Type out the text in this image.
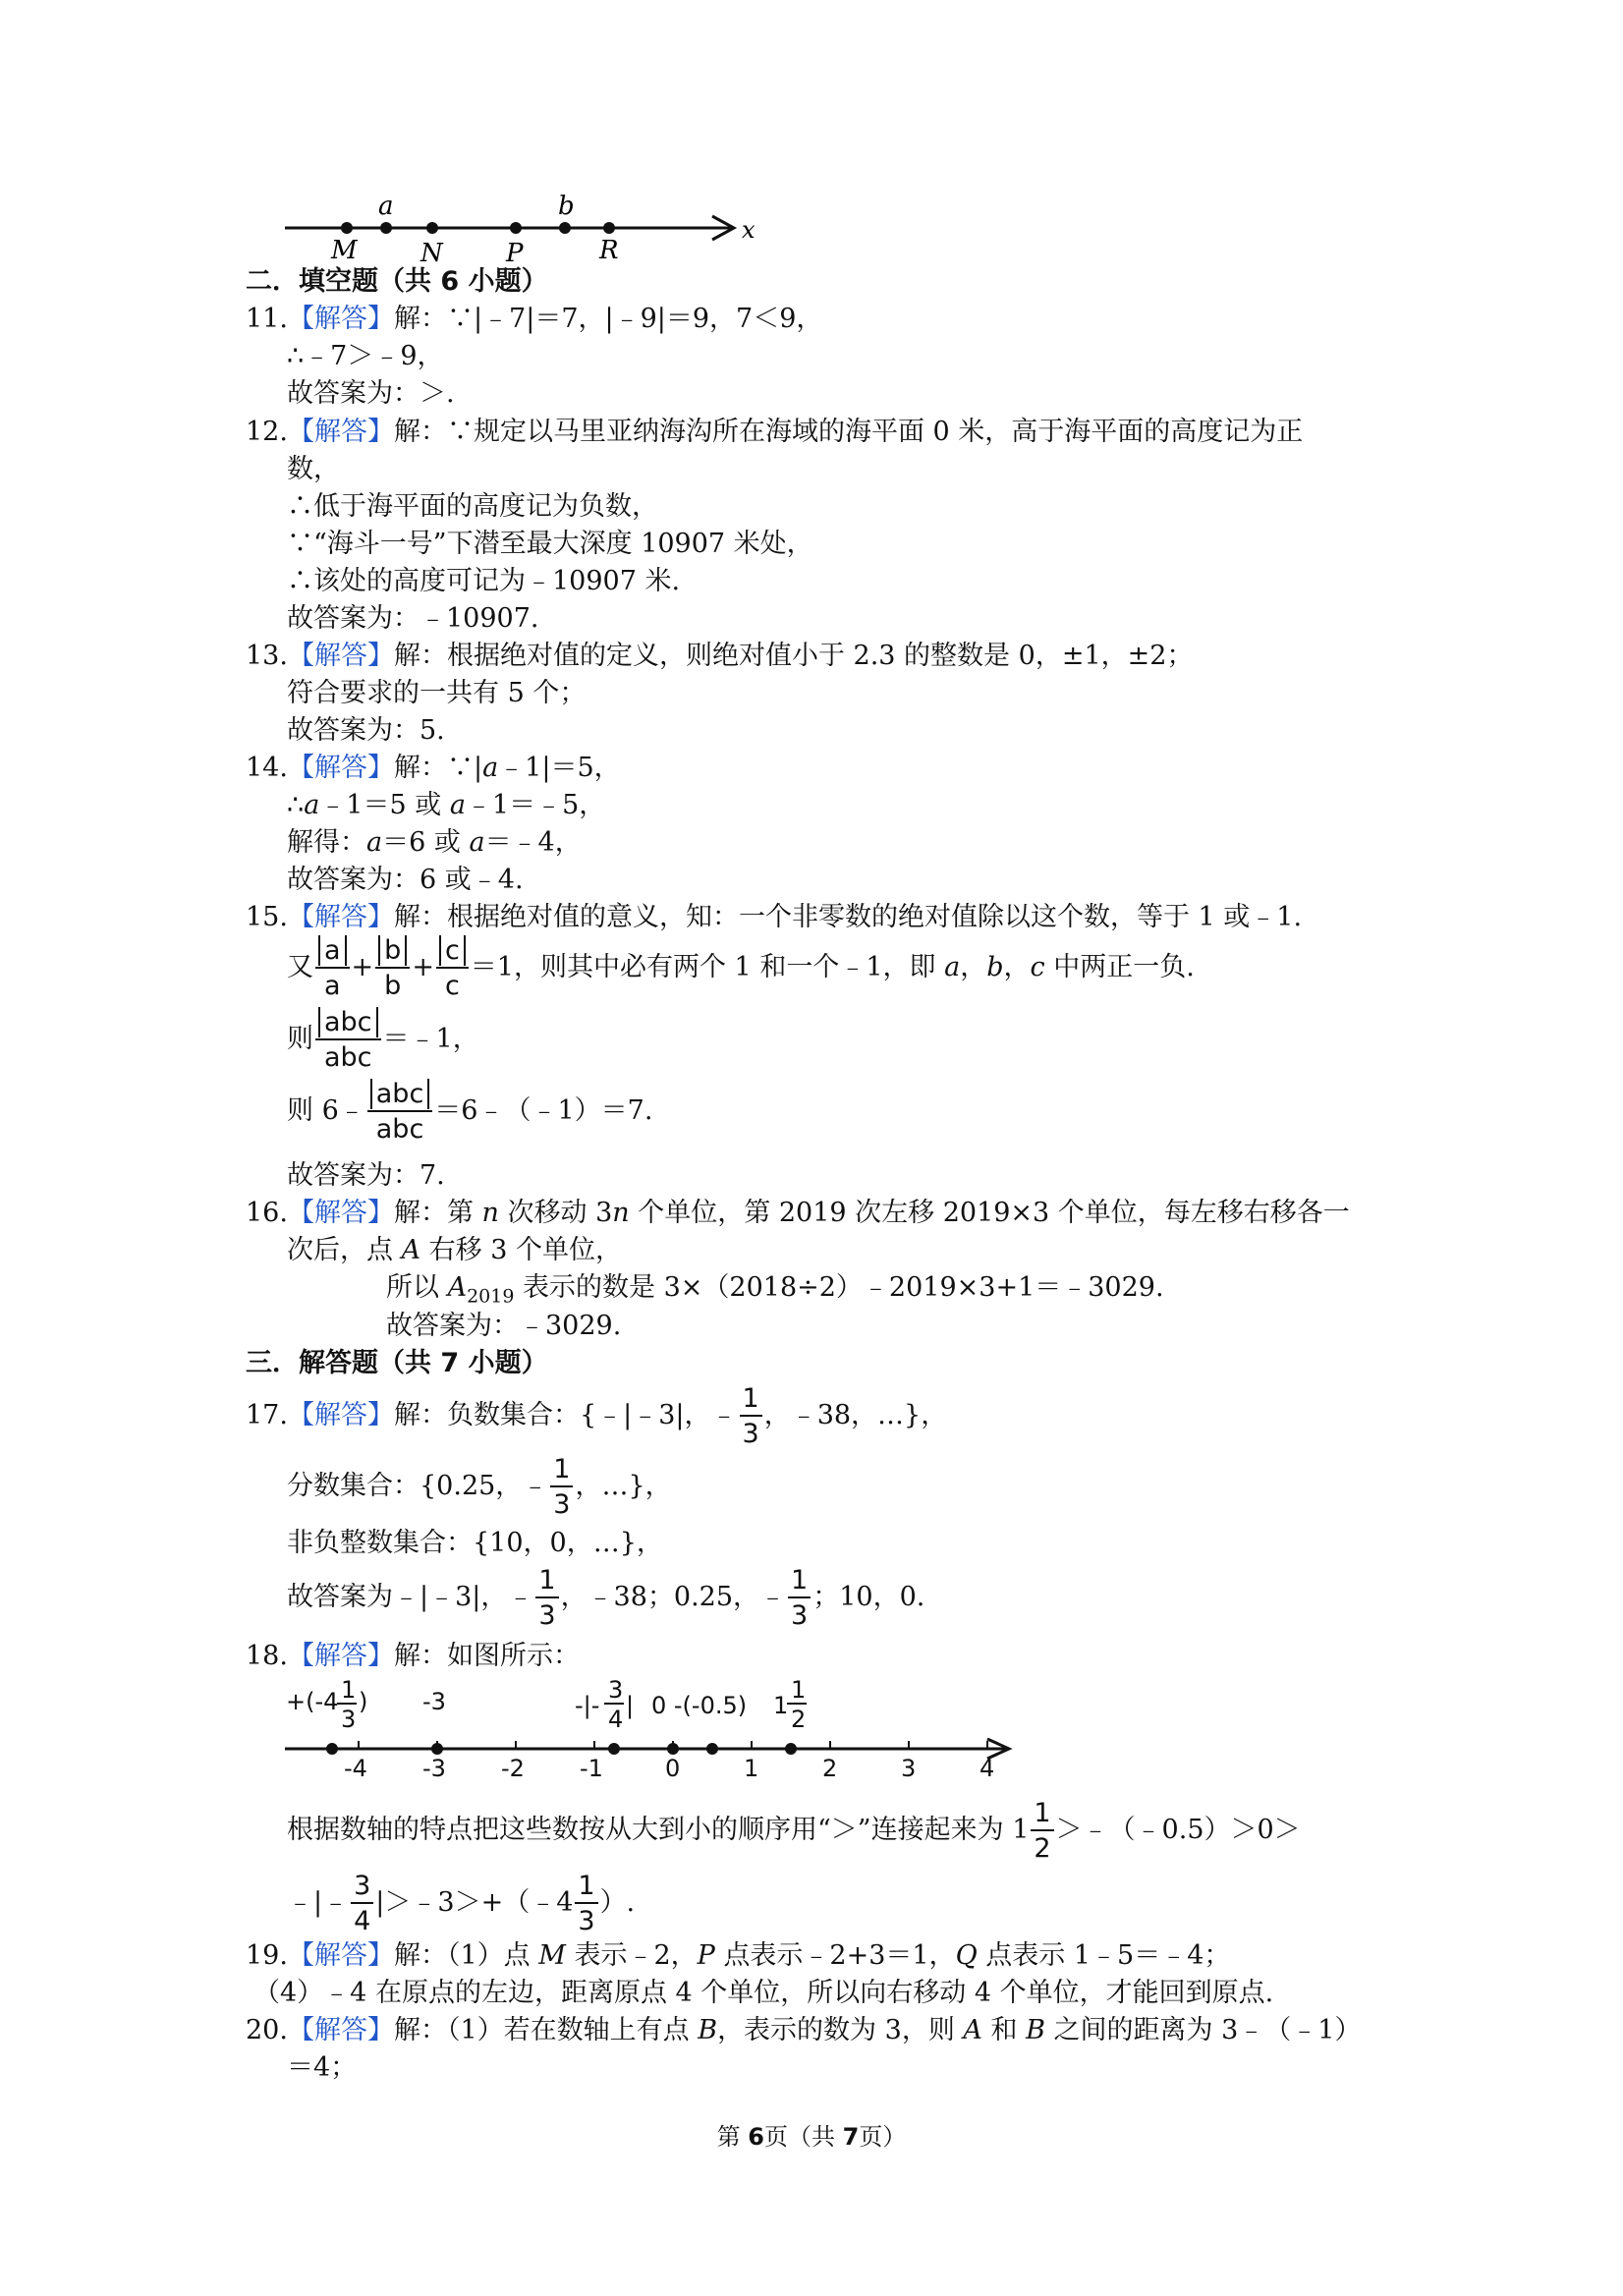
a	b
M N P	R
x
二．填空题（共 6 小题）
11.【解答】解：∵|﹣7|＝7，|﹣9|＝9，7＜9，
∴﹣7＞﹣9，
故答案为：＞.
12.【解答】解：∵规定以马里亚纳海沟所在海域的海平面 0 米，高于海平面的高度记为正
数，
∴低于海平面的高度记为负数，
∵“海斗一号”下潜至最大深度 10907 米处，
∴该处的高度可记为﹣10907 米.
故答案为：﹣10907.
13.【解答】解：根据绝对值的定义，则绝对值小于 2.3 的整数是 0，±1，±2；
符合要求的一共有 5 个；
故答案为：5.
14.【解答】解：∵|a﹣1|＝5，
∴a﹣1＝5 或 a﹣1＝﹣5，
解得：a＝6 或 a＝﹣4，
故答案为：6 或﹣4.
15.【解答】解：根据绝对值的意义，知：一个非零数的绝对值除以这个数，等于 1 或﹣1.
又 $\frac{a}{a} + \frac{b}{b} + \frac{c}{c} =1$，则其中必有两个 1 和一个﹣1，即 a，b，c 中两正一负.
则 $\frac{\text{abc}}{\text{abc}}$ ＝﹣1，
则 6﹣ $\frac{\text{abc}}{\text{abc}}$ ＝6﹣（﹣1）＝7.
故答案为：7.
16.【解答】解：第 n 次移动 3n 个单位，第 2019 次左移 2019×3 个单位，每左移右移各一
次后，点 A 右移 3 个单位，
所以 $A_{2019}$ 表示的数是 3×（2018÷2）﹣2019×3+1＝﹣3029.
故答案为：﹣3029.
三．解答题（共 7 小题）
17.【解答】解：负数集合：{﹣|﹣3|，﹣ $\frac{1}{3}$ ，﹣38，…}，
分数集合：{0.25，﹣ $\frac{1}{3}$ ，…}，
非负整数集合：{10，0，…}，
故答案为﹣|﹣3|，﹣ $\frac{1}{3}$ ，﹣38；0.25，﹣ $\frac{1}{3}$ ；10，0.
18.【解答】解：如图所示：
+(-4 1
3
) -3	-|-
3
4 | 0 -(-0.5) 1
1
2
-4 -3 -2 -1	0	1	2	3	4
根据数轴的特点把这些数按从大到小的顺序用“＞”连接起来为 $1 \frac{1}{2}$ ＞﹣（﹣0.5）＞0＞
﹣|﹣ $\frac{3}{4}$ |＞﹣3＞+（﹣4 $\frac{1}{3}$ ）.
19.【解答】解：（1）点 M 表示﹣2，P 点表示﹣2+3＝1，Q 点表示 1﹣5＝﹣4；
（4）﹣4 在原点的左边，距离原点 4 个单位，所以向右移动 4 个单位，才能回到原点.
20.【解答】解：（1）若在数轴上有点 B，表示的数为 3，则 A 和 B 之间的距离为 3﹣（﹣1）
＝4；
第 6页（共 7页）
